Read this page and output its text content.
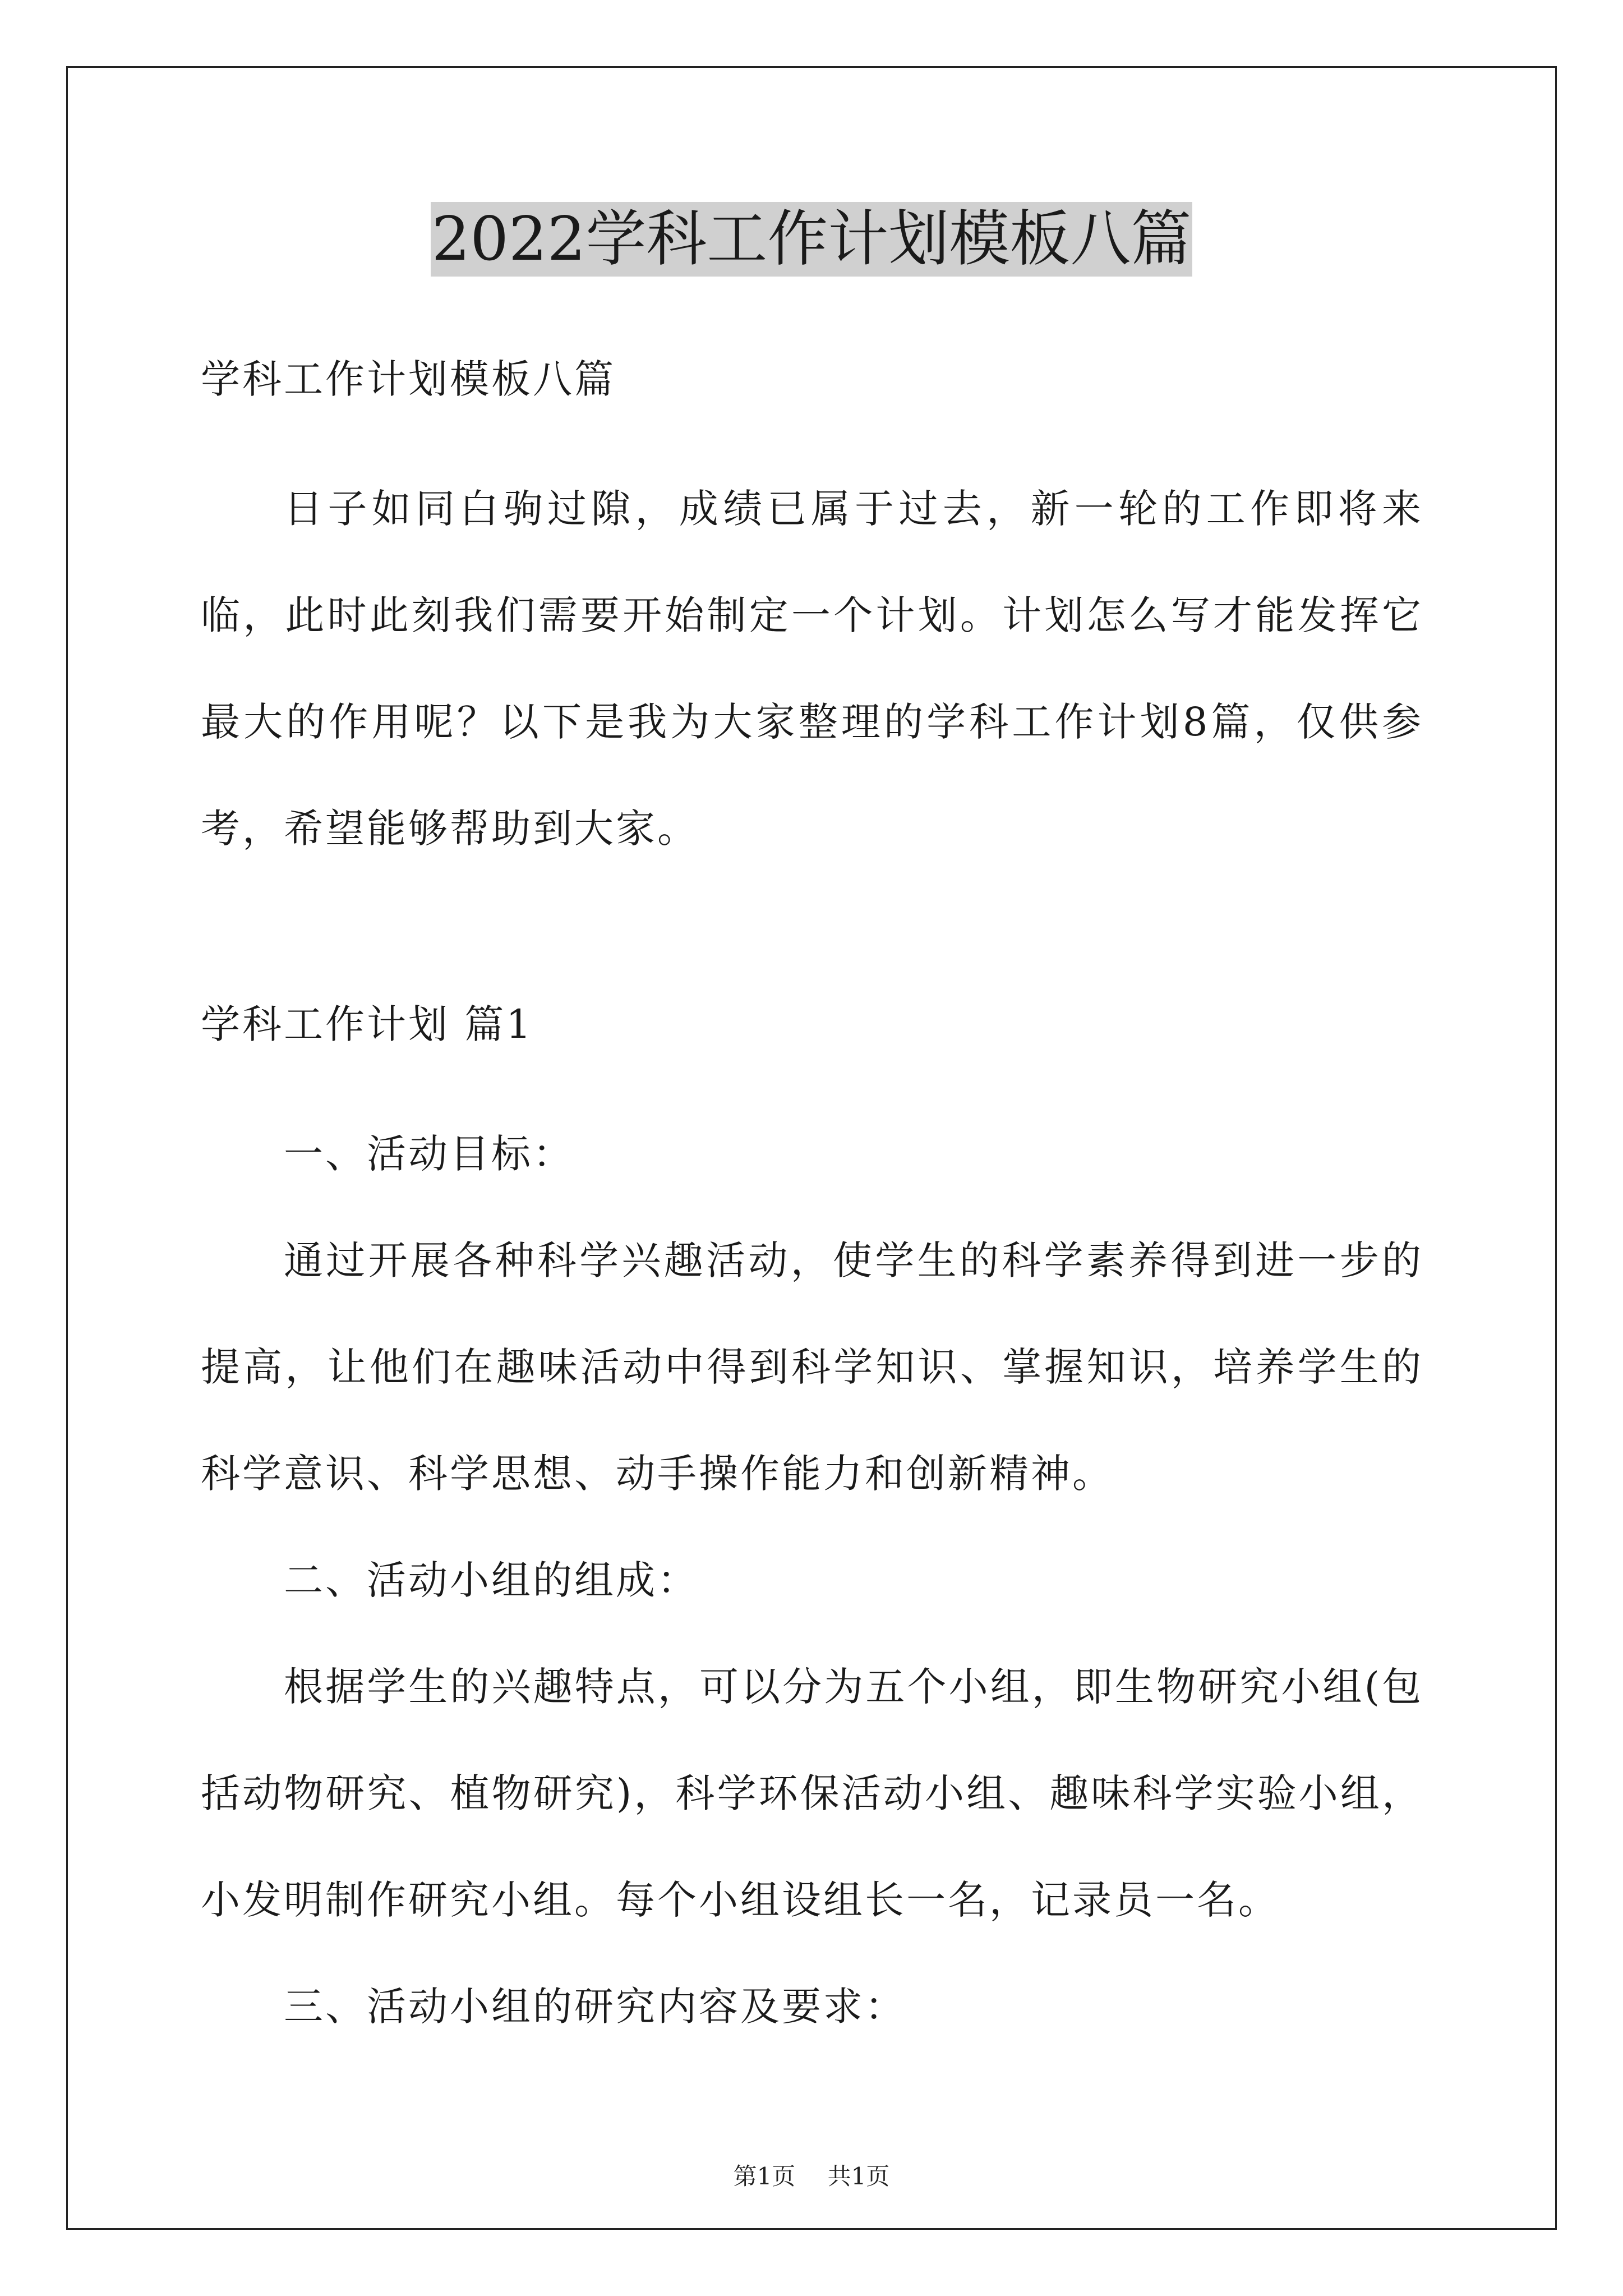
2022学科工作计划模板八篇
学科工作计划模板八篇
日子如同白驹过隙，成绩已属于过去，新一轮的工作即将来临，此时此刻我们需要开始制定一个计划。计划怎么写才能发挥它最大的作用呢？以下是我为大家整理的学科工作计划8篇，仅供参考，希望能够帮助到大家。
学科工作计划 篇1

一、活动目标：

通过开展各种科学兴趣活动，使学生的科学素养得到进一步的提高，让他们在趣味活动中得到科学知识、掌握知识，培养学生的科学意识、科学思想、动手操作能力和创新精神。

二、活动小组的组成：

根据学生的兴趣特点，可以分为五个小组，即生物研究小组(包括动物研究、植物研究)，科学环保活动小组、趣味科学实验小组，小发明制作研究小组。每个小组设组长一名，记录员一名。

三、活动小组的研究内容及要求：

第1页 共1页
